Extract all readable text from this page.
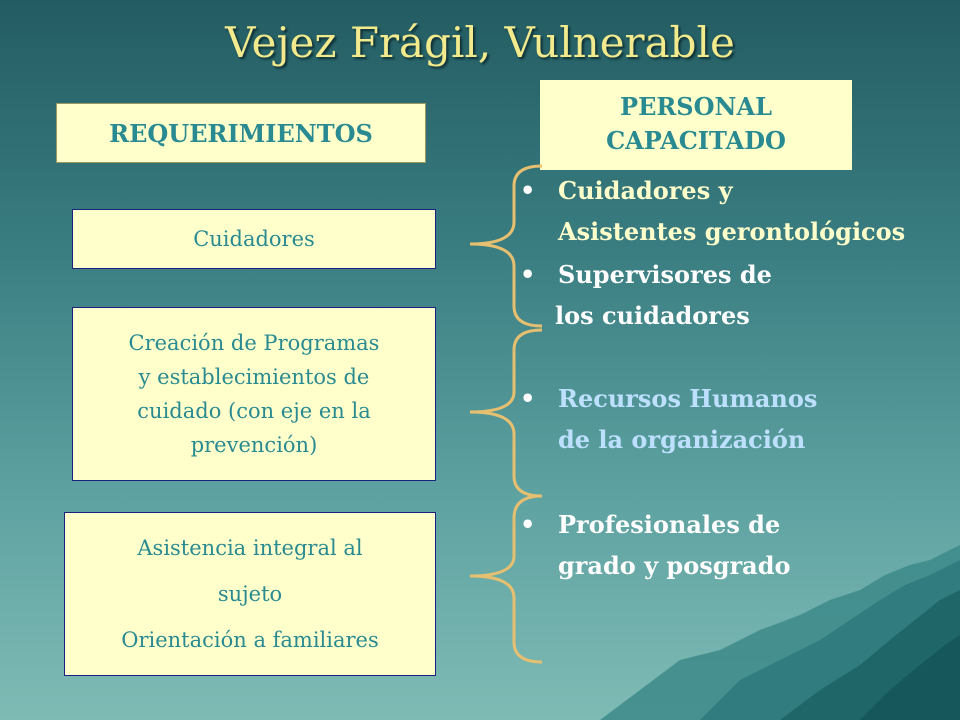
Vejez Frágil, Vulnerable
REQUERIMIENTOS
PERSONAL
CAPACITADO
Cuidadores
Creación de Programas
y establecimientos de
cuidado (con eje en la
prevención)
Asistencia integral al
sujeto
Orientación a familiares
• Cuidadores y
Asistentes gerontológicos
• Supervisores de
los cuidadores
• Recursos Humanos
de la organización
• Profesionales de
grado y posgrado
